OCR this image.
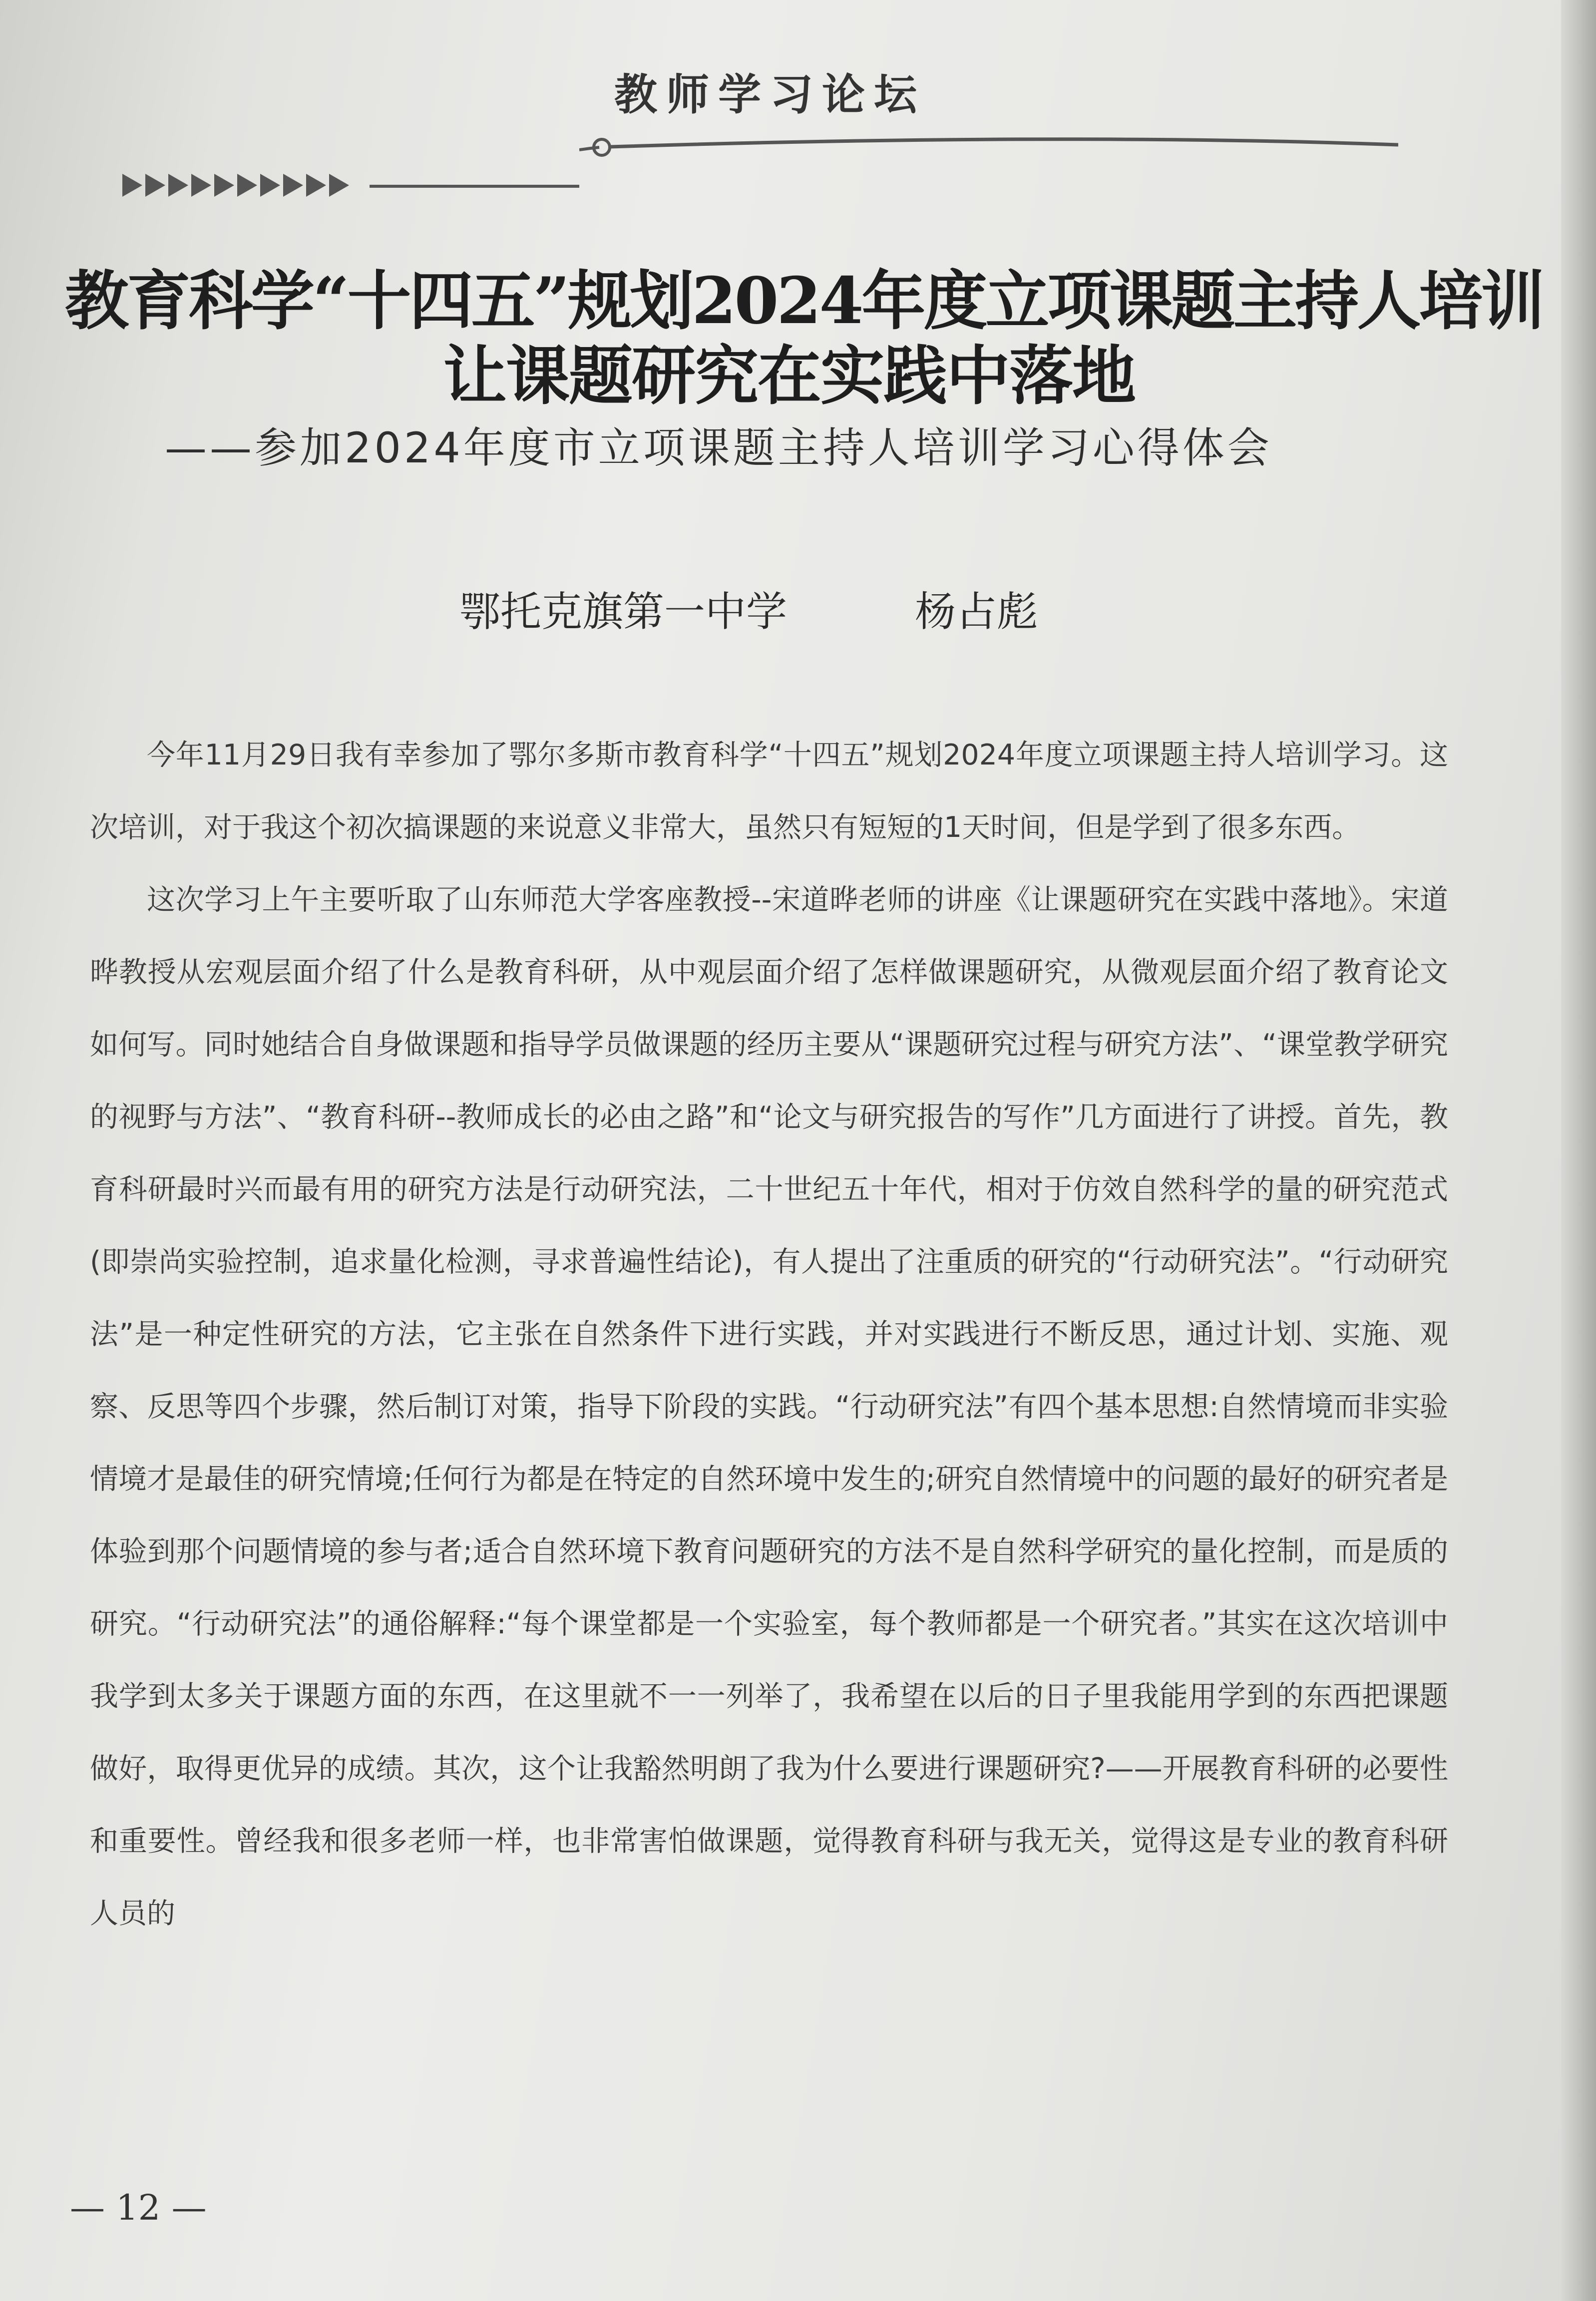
教师学习论坛
教育科学“十四五”规划2024年度立项课题主持人培训
让课题研究在实践中落地
——参加2024年度市立项课题主持人培训学习心得体会
鄂托克旗第一中学	杨占彪

今年11月29日我有幸参加了鄂尔多斯市教育科学“十四五”规划2024年度立项课题主持人培训学习。这次培训，对于我这个初次搞课题的来说意义非常大，虽然只有短短的1天时间，但是学到了很多东西。

这次学习上午主要听取了山东师范大学客座教授--宋道晔老师的讲座《让课题研究在实践中落地》。宋道晔教授从宏观层面介绍了什么是教育科研，从中观层面介绍了怎样做课题研究，从微观层面介绍了教育论文如何写。同时她结合自身做课题和指导学员做课题的经历主要从“课题研究过程与研究方法”、“课堂教学研究的视野与方法”、“教育科研--教师成长的必由之路”和“论文与研究报告的写作”几方面进行了讲授。首先，教育科研最时兴而最有用的研究方法是行动研究法，二十世纪五十年代，相对于仿效自然科学的量的研究范式(即崇尚实验控制，追求量化检测，寻求普遍性结论)，有人提出了注重质的研究的“行动研究法”。“行动研究法”是一种定性研究的方法，它主张在自然条件下进行实践，并对实践进行不断反思，通过计划、实施、观察、反思等四个步骤，然后制订对策，指导下阶段的实践。“行动研究法”有四个基本思想:自然情境而非实验情境才是最佳的研究情境;任何行为都是在特定的自然环境中发生的;研究自然情境中的问题的最好的研究者是体验到那个问题情境的参与者;适合自然环境下教育问题研究的方法不是自然科学研究的量化控制，而是质的研究。“行动研究法”的通俗解释:“每个课堂都是一个实验室，每个教师都是一个研究者。”其实在这次培训中我学到太多关于课题方面的东西，在这里就不一一列举了，我希望在以后的日子里我能用学到的东西把课题做好，取得更优异的成绩。其次，这个让我豁然明朗了我为什么要进行课题研究?——开展教育科研的必要性和重要性。曾经我和很多老师一样，也非常害怕做课题，觉得教育科研与我无关，觉得这是专业的教育科研人员的

— 12 —
